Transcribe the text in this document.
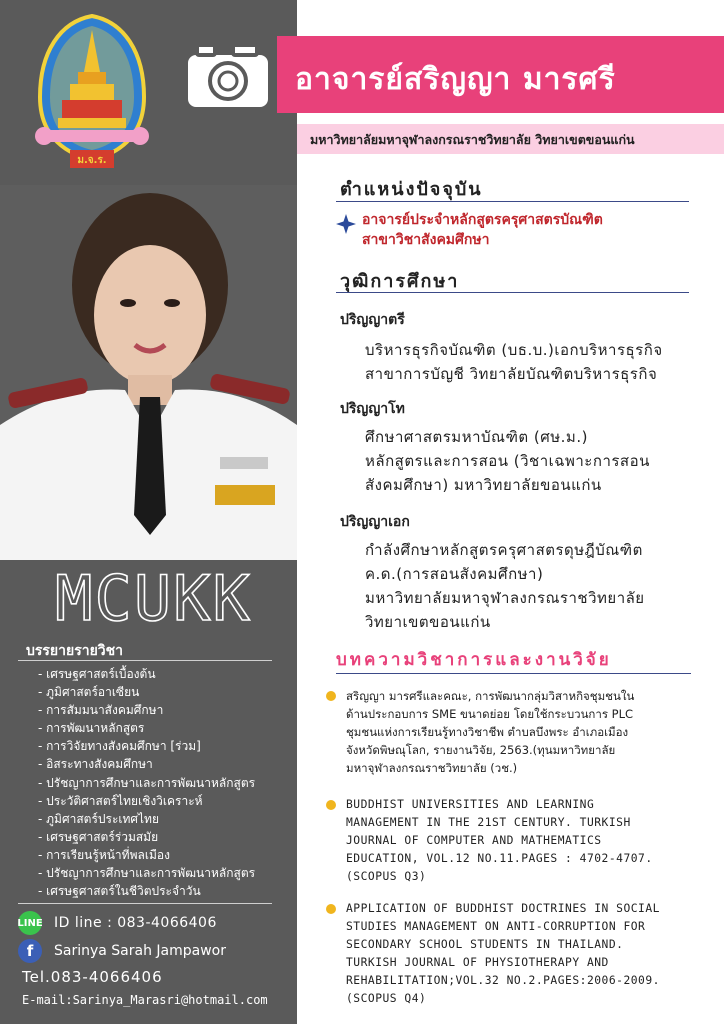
ม.จ.ร.
MCUKK
บรรยายรายวิชา
- เศรษฐศาสตร์เบื้องต้น
- ภูมิศาสตร์อาเซียน
- การสัมมนาสังคมศึกษา
- การพัฒนาหลักสูตร
- การวิจัยทางสังคมศึกษา [ร่วม]
- อิสระทางสังคมศึกษา
- ปรัชญาการศึกษาและการพัฒนาหลักสูตร
- ประวัติศาสตร์ไทยเชิงวิเคราะห์
- ภูมิศาสตร์ประเทศไทย
- เศรษฐศาสตร์ร่วมสมัย
- การเรียนรู้หน้าที่พลเมือง
- ปรัชญาการศึกษาและการพัฒนาหลักสูตร
- เศรษฐศาสตร์ในชีวิตประจำวัน
LINE ID line : 083-4066406
f	Sarinya Sarah Jampawor
Tel.083-4066406
E-mail:Sarinya_Marasri@hotmail.com
อาจารย์สริญญา มารศรี
มหาวิทยาลัยมหาจุฬาลงกรณราชวิทยาลัย วิทยาเขตขอนแก่น
ตำแหน่งปัจจุบัน
อาจารย์ประจำหลักสูตรครุศาสตรบัณฑิต
สาขาวิชาสังคมศึกษา
วุฒิการศึกษา
ปริญญาตรี
บริหารธุรกิจบัณฑิต (บธ.บ.)เอกบริหารธุรกิจ
สาขาการบัญชี วิทยาลัยบัณฑิตบริหารธุรกิจ
ปริญญาโท
ศึกษาศาสตรมหาบัณฑิต (ศษ.ม.)
หลักสูตรและการสอน (วิชาเฉพาะการสอน
สังคมศึกษา) มหาวิทยาลัยขอนแก่น
ปริญญาเอก
กำลังศึกษาหลักสูตรครุศาสตรดุษฎีบัณฑิต
ค.ด.(การสอนสังคมศึกษา)
มหาวิทยาลัยมหาจุฬาลงกรณราชวิทยาลัย
วิทยาเขตขอนแก่น
บทความวิชาการและงานวิจัย
สริญญา มารศรีและคณะ, การพัฒนากลุ่มวิสาหกิจชุมชนใน
ด้านประกอบการ SME ขนาดย่อย โดยใช้กระบวนการ PLC
ชุมชนแห่งการเรียนรู้ทางวิชาชีพ ตำบลบึงพระ อำเภอเมือง
จังหวัดพิษณุโลก, รายงานวิจัย, 2563.(ทุนมหาวิทยาลัย
มหาจุฬาลงกรณราชวิทยาลัย (วช.)
BUDDHIST UNIVERSITIES AND LEARNING
MANAGEMENT IN THE 21ST CENTURY. TURKISH
JOURNAL OF COMPUTER AND MATHEMATICS
EDUCATION, VOL.12 NO.11.PAGES : 4702-4707.
(SCOPUS Q3)
APPLICATION OF BUDDHIST DOCTRINES IN SOCIAL
STUDIES MANAGEMENT ON ANTI-CORRUPTION FOR
SECONDARY SCHOOL STUDENTS IN THAILAND.
TURKISH JOURNAL OF PHYSIOTHERAPY AND
REHABILITATION;VOL.32 NO.2.PAGES:2006-2009.
(SCOPUS Q4)
